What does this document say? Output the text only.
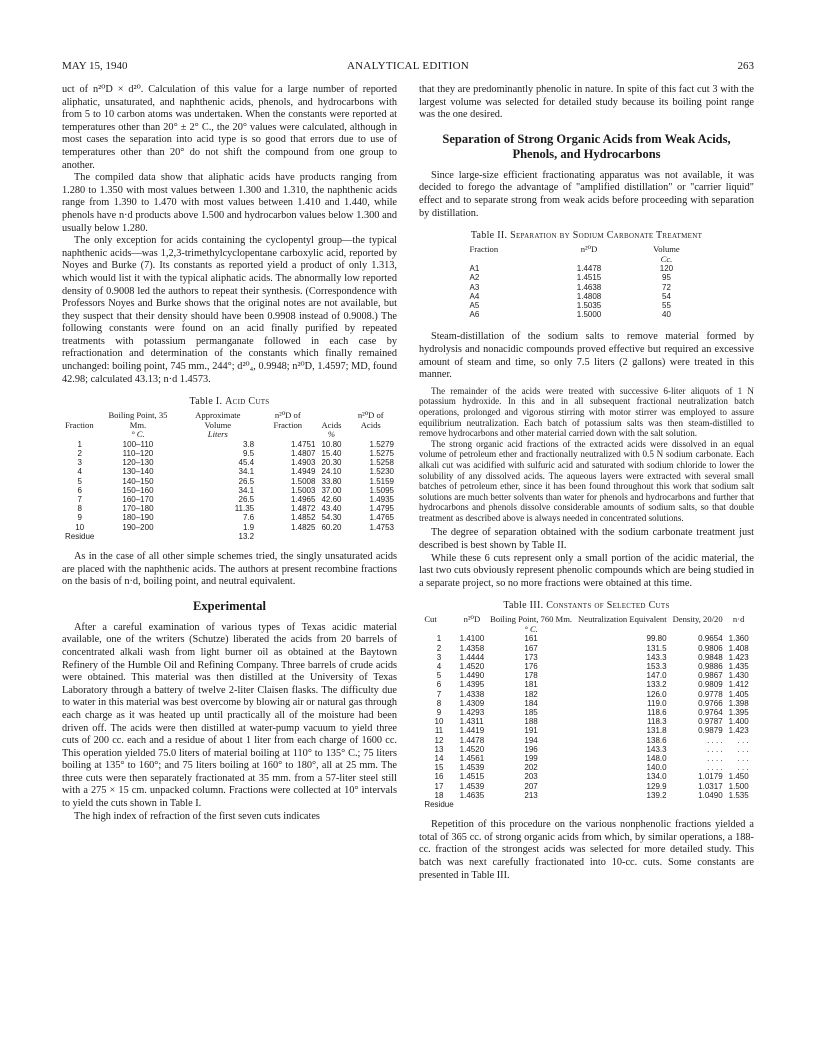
MAY 15, 1940	ANALYTICAL EDITION	263

uct of n²⁰D × d²⁰. Calculation of this value for a large number of reported aliphatic, unsaturated, and naphthenic acids, phenols, and hydrocarbons with from 5 to 10 carbon atoms was undertaken. When the constants were reported at temperatures other than 20° ± 2° C., the 20° values were calculated, although in most cases the separation into acid type is so good that errors due to use of temperatures other than 20° do not shift the compound from one group to another.

The compiled data show that aliphatic acids have products ranging from 1.280 to 1.350 with most values between 1.300 and 1.310, the naphthenic acids range from 1.390 to 1.470 with most values between 1.410 and 1.440, while phenols have n·d products above 1.500 and hydrocarbon values below 1.300 and usually below 1.280.

The only exception for acids containing the cyclopentyl group—the typical naphthenic acids—was 1,2,3-trimethylcyclopentane carboxylic acid, reported by Noyes and Burke (7). Its constants as reported yield a product of only 1.313, which would list it with the typical aliphatic acids. The abnormally low reported density of 0.9008 led the authors to repeat their synthesis. (Correspondence with Professors Noyes and Burke shows that the original notes are not available, but they suspect that their density should have been 0.9908 instead of 0.9008.) The following constants were found on an acid finally purified by repeated treatments with potassium permanganate followed in each case by refractionation and determination of the constants which finally remained unchanged: boiling point, 745 mm., 244°; d²⁰₄, 0.9948; n²⁰D, 1.4597; MD, found 42.98; calculated 43.13; n·d 1.4573.

Table I. Acid Cuts
Fraction	Boiling Point, 35 Mm.	Approximate Volume	n²⁰D of Fraction	Acids	n²⁰D of Acids
	° C.	Liters		%	
1	100–110	3.8	1.4751	10.80	1.5279
2	110–120	9.5	1.4807	15.40	1.5275
3	120–130	45.4	1.4903	20.30	1.5258
4	130–140	34.1	1.4949	24.10	1.5230
5	140–150	26.5	1.5008	33.80	1.5159
6	150–160	34.1	1.5003	37.00	1.5095
7	160–170	26.5	1.4965	42.60	1.4935
8	170–180	11.35	1.4872	43.40	1.4795
9	180–190	7.6	1.4852	54.30	1.4765
10	190–200	1.9	1.4825	60.20	1.4753
Residue		13.2			

As in the case of all other simple schemes tried, the singly unsaturated acids are placed with the naphthenic acids. The authors at present recombine fractions on the basis of n·d, boiling point, and neutral equivalent.

Experimental

After a careful examination of various types of Texas acidic material available, one of the writers (Schutze) liberated the acids from 20 barrels of concentrated alkali wash from light burner oil as obtained at the Baytown Refinery of the Humble Oil and Refining Company. Three barrels of crude acids were obtained. This material was then distilled at the University of Texas Laboratory through a battery of twelve 2-liter Claisen flasks. The difficulty due to water in this material was best overcome by blowing air or natural gas through each charge as it was heated up until practically all of the moisture had been driven off. The acids were then distilled at water-pump vacuum to yield three cuts of 200 cc. each and a residue of about 1 liter from each charge of 1600 cc. This operation yielded 75.0 liters of material boiling at 110° to 135° C.; 75 liters boiling at 135° to 160°; and 75 liters boiling at 160° to 180°, all at 25 mm. The three cuts were then separately fractionated at 35 mm. from a 57-liter steel still with a 275 × 15 cm. unpacked column. Fractions were collected at 10° intervals to yield the cuts shown in Table I.

The high index of refraction of the first seven cuts indicates

that they are predominantly phenolic in nature. In spite of this fact cut 3 with the largest volume was selected for detailed study because its boiling point range was the one desired.

Separation of Strong Organic Acids from Weak Acids, Phenols, and Hydrocarbons

Since large-size efficient fractionating apparatus was not available, it was decided to forego the advantage of "amplified distillation" or "carrier liquid" effect and to separate strong from weak acids before proceeding with separation by distillation.

Table II. Separation by Sodium Carbonate Treatment
Fraction	n²⁰D	Volume
		Cc.
A1	1.4478	120
A2	1.4515	95
A3	1.4638	72
A4	1.4808	54
A5	1.5035	55
A6	1.5000	40

Steam-distillation of the sodium salts to remove material formed by hydrolysis and nonacidic compounds proved effective but required an excessive amount of steam and time, so only 7.5 liters (2 gallons) were treated in this manner.

The remainder of the acids were treated with successive 6-liter aliquots of 1 N potassium hydroxide. In this and in all subsequent fractional neutralization batch operations, prolonged and vigorous stirring with motor stirrer was employed to assure equilibrium neutralization. Each batch of potassium salts was then steam-distilled to remove hydrocarbons and other material carried down with the salt solution.

The strong organic acid fractions of the extracted acids were dissolved in an equal volume of petroleum ether and fractionally neutralized with 0.5 N sodium carbonate. Each alkali cut was acidified with sulfuric acid and saturated with sodium chloride to lower the solubility of any dissolved acids. The aqueous layers were extracted with several small batches of petroleum ether, since it has been found throughout this work that sodium salt solutions are much better solvents than water for phenols and hydrocarbons and further that hydrocarbons and phenols dissolve considerable amounts of sodium salts, so that double treatment as described above is always needed in concentrated solutions.

The degree of separation obtained with the sodium carbonate treatment just described is best shown by Table II.

While these 6 cuts represent only a small portion of the acidic material, the last two cuts obviously represent phenolic compounds which are being studied in a separate project, so no more fractions were obtained at this time.

Table III. Constants of Selected Cuts
Cut	n²⁰D	Boiling Point, 760 Mm.	Neutralization Equivalent	Density, 20/20	n·d
		° C.			
1	1.4100	161	99.80	0.9654	1.360
2	1.4358	167	131.5	0.9806	1.408
3	1.4444	173	143.3	0.9848	1.423
4	1.4520	176	153.3	0.9886	1.435
5	1.4490	178	147.0	0.9867	1.430
6	1.4395	181	133.2	0.9809	1.412
7	1.4338	182	126.0	0.9778	1.405
8	1.4309	184	119.0	0.9766	1.398
9	1.4293	185	118.6	0.9764	1.395
10	1.4311	188	118.3	0.9787	1.400
11	1.4419	191	131.8	0.9879	1.423
12	1.4478	194	138.6	. . . .	. . .
13	1.4520	196	143.3	. . . .	. . .
14	1.4561	199	148.0	. . . .	. . .
15	1.4539	202	140.0	. . . .	. . .
16	1.4515	203	134.0	1.0179	1.450
17	1.4539	207	129.9	1.0317	1.500
18	1.4635	213	139.2	1.0490	1.535
Residue					

Repetition of this procedure on the various nonphenolic fractions yielded a total of 365 cc. of strong organic acids from which, by similar operations, a 188-cc. fraction of the strongest acids was selected for more detailed study. This batch was next carefully fractionated into 10-cc. cuts. Some constants are presented in Table III.
